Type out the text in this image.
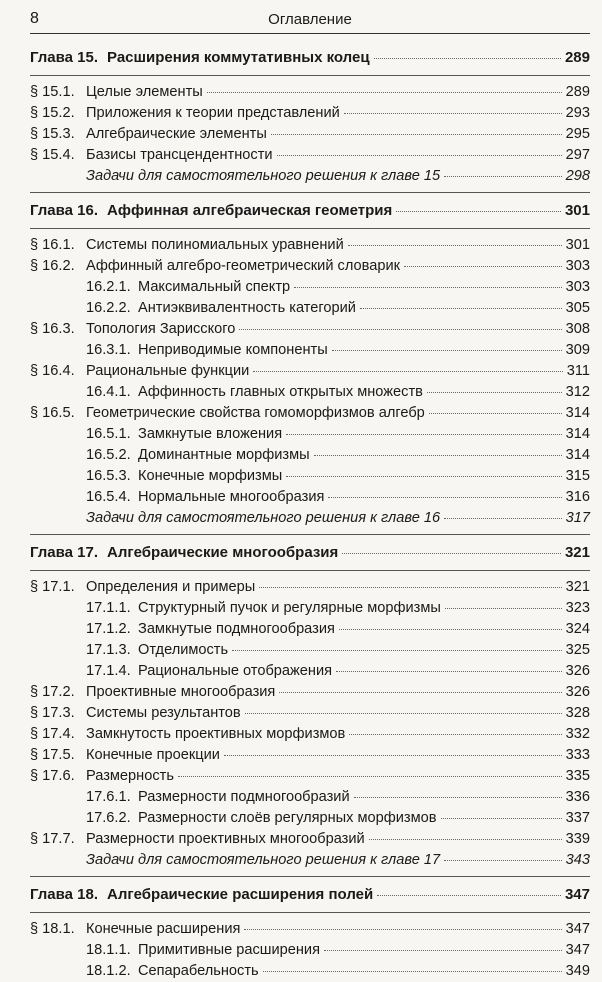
8	Оглавление
Глава 15. Расширения коммутативных колец	289
§ 15.1. Целые элементы	289
§ 15.2. Приложения к теории представлений	293
§ 15.3. Алгебраические элементы	295
§ 15.4. Базисы трансцендентности	297
Задачи для самостоятельного решения к главе 15	298
Глава 16. Аффинная алгебраическая геометрия	301
§ 16.1. Системы полиномиальных уравнений	301
§ 16.2. Аффинный алгебро-геометрический словарик	303
16.2.1. Максимальный спектр	303
16.2.2. Антиэквивалентность категорий	305
§ 16.3. Топология Зарисского	308
16.3.1. Неприводимые компоненты	309
§ 16.4. Рациональные функции	311
16.4.1. Аффинность главных открытых множеств	312
§ 16.5. Геометрические свойства гомоморфизмов алгебр	314
16.5.1. Замкнутые вложения	314
16.5.2. Доминантные морфизмы	314
16.5.3. Конечные морфизмы	315
16.5.4. Нормальные многообразия	316
Задачи для самостоятельного решения к главе 16	317
Глава 17. Алгебраические многообразия	321
§ 17.1. Определения и примеры	321
17.1.1. Структурный пучок и регулярные морфизмы	323
17.1.2. Замкнутые подмногообразия	324
17.1.3. Отделимость	325
17.1.4. Рациональные отображения	326
§ 17.2. Проективные многообразия	326
§ 17.3. Системы результантов	328
§ 17.4. Замкнутость проективных морфизмов	332
§ 17.5. Конечные проекции	333
§ 17.6. Размерность	335
17.6.1. Размерности подмногообразий	336
17.6.2. Размерности слоёв регулярных морфизмов	337
§ 17.7. Размерности проективных многообразий	339
Задачи для самостоятельного решения к главе 17	343
Глава 18. Алгебраические расширения полей	347
§ 18.1. Конечные расширения	347
18.1.1. Примитивные расширения	347
18.1.2. Сепарабельность	349
